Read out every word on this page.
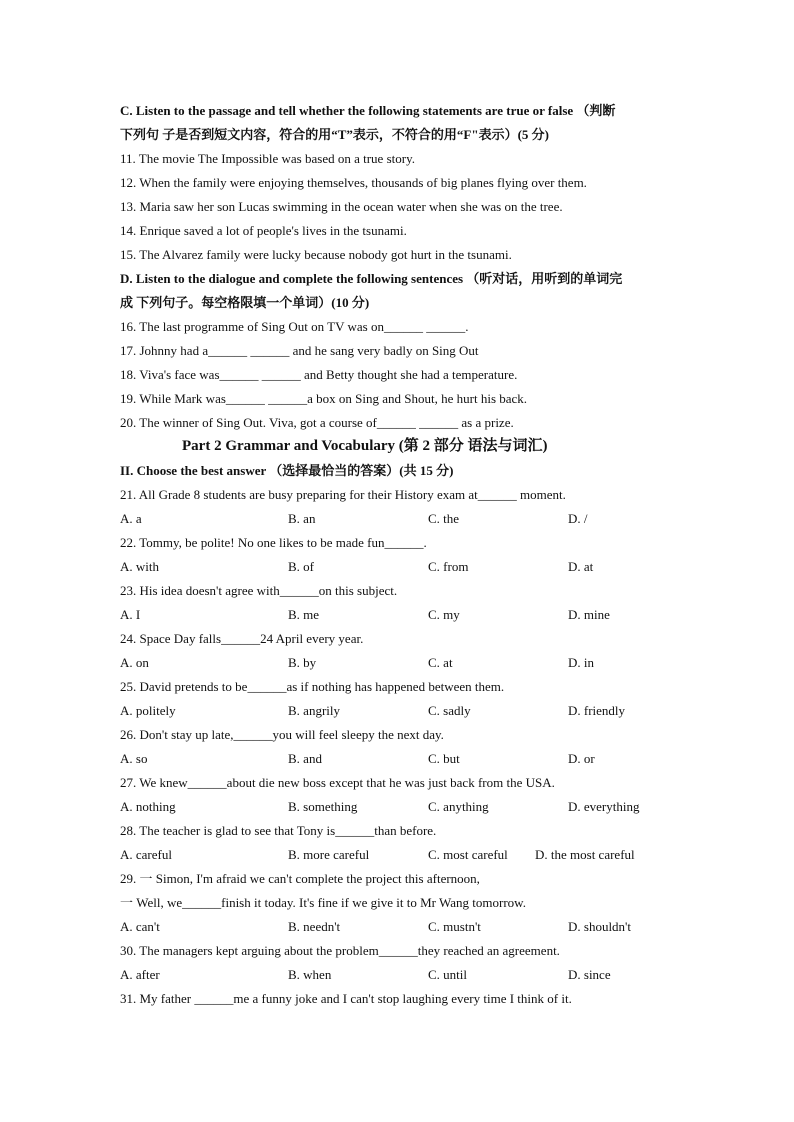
C. Listen to the passage and tell whether the following statements are true or false （判断
下列句 子是否到短文内容，符合的用“T”表示，不符合的用“F"表示）(5 分)
11. The movie The Impossible was based on a true story.
12. When the family were enjoying themselves, thousands of big planes flying over them.
13. Maria saw her son Lucas swimming in the ocean water when she was on the tree.
14. Enrique saved a lot of people's lives in the tsunami.
15. The Alvarez family were lucky because nobody got hurt in the tsunami.
D. Listen to the dialogue and complete the following sentences （听对话，用听到的单词完
成 下列句子。每空格限填一个单词）(10 分)
16. The last programme of Sing Out on TV was on______ ______.
17. Johnny had a______ ______ and he sang very badly on Sing Out
18. Viva's face was______ ______ and Betty thought she had a temperature.
19. While Mark was______ ______a box on Sing and Shout, he hurt his back.
20. The winner of Sing Out. Viva, got a course of______ ______ as a prize.
Part 2 Grammar and Vocabulary (第 2 部分 语法与词汇)
II. Choose the best answer （选择最恰当的答案）(共 15 分)
21. All Grade 8 students are busy preparing for their History exam at______ moment.
A. a	B. an	C. the	D. /
22. Tommy, be polite! No one likes to be made fun______.
A. with	B. of	C. from	D. at
23. His idea doesn't agree with______on this subject.
A. I	B. me	C. my	D. mine
24. Space Day falls______24 April every year.
A. on	B. by	C. at	D. in
25. David pretends to be______as if nothing has happened between them.
A. politely	B. angrily	C. sadly	D. friendly
26. Don't stay up late,______you will feel sleepy the next day.
A. so	B. and	C. but	D. or
27. We knew______about die new boss except that he was just back from the USA.
A. nothing	B. something	C. anything	D. everything
28. The teacher is glad to see that Tony is______than before.
A. careful	B. more careful	C. most careful D. the most careful
29. 一 Simon, I'm afraid we can't complete the project this afternoon,
一 Well, we______finish it today. It's fine if we give it to Mr Wang tomorrow.
A. can't	B. needn't	C. mustn't	D. shouldn't
30. The managers kept arguing about the problem______they reached an agreement.
A. after	B. when	C. until	D. since
31. My father ______me a funny joke and I can't stop laughing every time I think of it.
